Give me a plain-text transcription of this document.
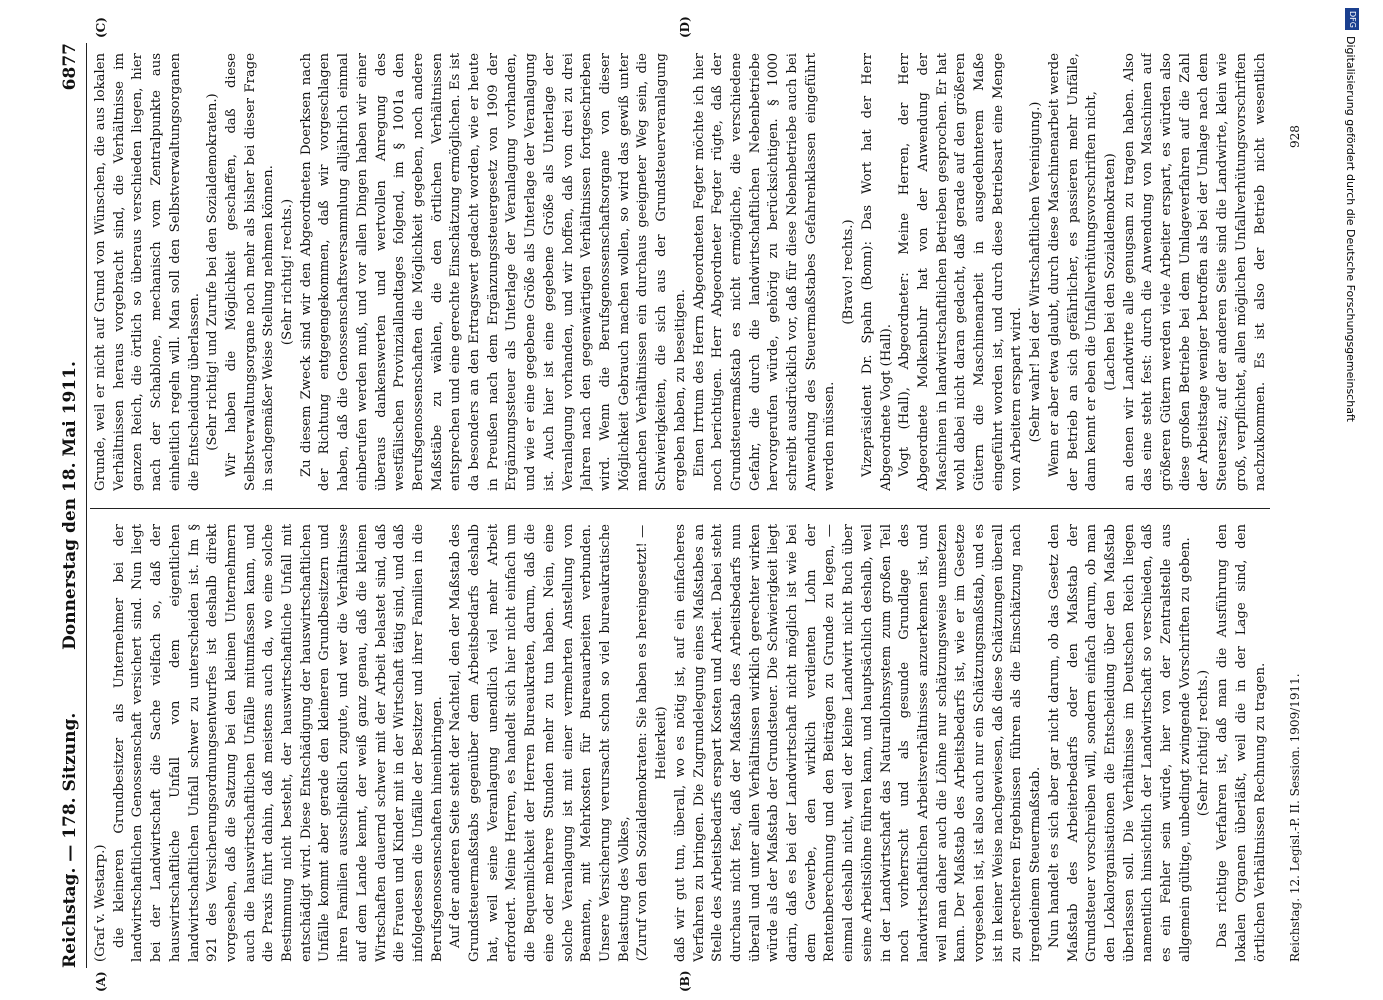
Reichstag. — 178. Sitzung.
Donnerstag den 18. Mai 1911.
6877
(A)	(B)
(C)	(D)

(Graf v. Westarp.) die kleineren Grundbesitzer als Unternehmer bei der landwirtschaftlichen Genossenschaft versichert sind. Nun liegt bei der Landwirtschaft die Sache vielfach so, daß der hauswirtschaftliche Unfall von dem eigentlichen landwirtschaftlichen Unfall schwer zu unterscheiden ist. Im § 921 des Versicherungsordnungsentwurfes ist deshalb direkt vorgesehen, daß die Satzung bei den kleinen Unternehmern auch die hauswirtschaftlichen Unfälle mitumfassen kann, und die Praxis führt dahin, daß meistens auch da, wo eine solche Bestimmung nicht besteht, der hauswirtschaftliche Unfall mit entschädigt wird. Diese Entschädigung der hauswirtschaftlichen Unfälle kommt aber gerade den kleineren Grundbesitzern und ihren Familien ausschließlich zugute, und wer die Verhältnisse auf dem Lande kennt, der weiß ganz genau, daß die kleinen Wirtschaften dauernd schwer mit der Arbeit belastet sind, daß die Frauen und Kinder mit in der Wirtschaft tätig sind, und daß infolgedessen die Unfälle der Besitzer und ihrer Familien in die Berufsgenossenschaften hineinbringen. Auf der anderen Seite steht der Nachteil, den der Maßstab des Grundsteuermaßstabs gegenüber dem Arbeitsbedarfs deshalb hat, weil seine Veranlagung unendlich viel mehr Arbeit erfordert. Meine Herren, es handelt sich hier nicht einfach um die Bequemlichkeit der Herren Bureaukraten, darum, daß die eine oder mehrere Stunden mehr zu tun haben. Nein, eine solche Veranlagung ist mit einer vermehrten Anstellung von Beamten, mit Mehrkosten für Bureauarbeiten verbunden. Unsere Versicherung verursacht schon so viel bureaukratische Belastung des Volkes, (Zuruf von den Sozialdemokraten: Sie haben es hereingesetzt! — Heiterkeit) daß wir gut tun, überall, wo es nötig ist, auf ein einfacheres Verfahren zu bringen. Die Zugrundelegung eines Maßstabes an Stelle des Arbeitsbedarfs erspart Kosten und Arbeit. Dabei steht durchaus nicht fest, daß der Maßstab des Arbeitsbedarfs nun überall und unter allen Verhältnissen wirklich gerechter wirken würde als der Maßstab der Grundsteuer. Die Schwierigkeit liegt darin, daß es bei der Landwirtschaft nicht möglich ist wie bei dem Gewerbe, den wirklich verdienten Lohn der Rentenberechnung und den Beiträgen zu Grunde zu legen, — einmal deshalb nicht, weil der kleine Landwirt nicht Buch über seine Arbeitslöhne führen kann, und hauptsächlich deshalb, weil in der Landwirtschaft das Naturallohnsystem zum großen Teil noch vorherrscht und als gesunde Grundlage des landwirtschaftlichen Arbeitsverhältnisses anzuerkennen ist, und weil man daher auch die Löhne nur schätzungsweise umsetzen kann. Der Maßstab des Arbeitsbedarfs ist, wie er im Gesetze vorgesehen ist, ist also auch nur ein Schätzungsmaßstab, und es ist in keiner Weise nachgewiesen, daß diese Schätzungen überall zu gerechteren Ergebnissen führen als die Einschätzung nach irgendeinem Steuermaßstab. Nun handelt es sich aber gar nicht darum, ob das Gesetz den Maßstab des Arbeiterbedarfs oder den Maßstab der Grundsteuer vorschreiben will, sondern einfach darum, ob man den Lokalorganisationen die Entscheidung über den Maßstab überlassen soll. Die Verhältnisse im Deutschen Reich liegen namentlich hinsichtlich der Landwirtschaft so verschieden, daß es ein Fehler sein würde, hier von der Zentralstelle aus allgemein gültige, unbedingt zwingende Vorschriften zu geben. (Sehr richtig! rechts.) Das richtige Verfahren ist, daß man die Ausführung den lokalen Organen überläßt, weil die in der Lage sind, den örtlichen Verhältnissen Rechnung zu tragen.

Grunde, weil er nicht auf Grund von Wünschen, die aus lokalen Verhältnissen heraus vorgebracht sind, die Verhältnisse im ganzen Reich, die örtlich so überaus verschieden liegen, hier nach der Schablone, mechanisch vom Zentralpunkte aus einheitlich regeln will. Man soll den Selbstverwaltungsorganen die Entscheidung überlassen. (Sehr richtig! und Zurufe bei den Sozialdemokraten.) Wir haben die Möglichkeit geschaffen, daß diese Selbstverwaltungsorgane noch mehr als bisher bei dieser Frage in sachgemäßer Weise Stellung nehmen können. (Sehr richtig! rechts.) Zu diesem Zweck sind wir den Abgeordneten Doerksen nach der Richtung entgegengekommen, daß wir vorgeschlagen haben, daß die Genossenschaftsversammlung alljährlich einmal einberufen werden muß, und vor allen Dingen haben wir einer überaus dankenswerten und wertvollen Anregung des westfälischen Provinziallandtages folgend, im § 1001a den Berufsgenossenschaften die Möglichkeit gegeben, noch andere Maßstäbe zu wählen, die den örtlichen Verhältnissen entsprechen und eine gerechte Einschätzung ermöglichen. Es ist da besonders an den Ertragswert gedacht worden, wie er heute in Preußen nach dem Ergänzungssteuergesetz von 1909 der Ergänzungssteuer als Unterlage der Veranlagung vorhanden, und wie er eine gegebene Größe als Unterlage der Veranlagung ist. Auch hier ist eine gegebene Größe als Unterlage der Veranlagung vorhanden, und wir hoffen, daß von drei zu drei Jahren nach den gegenwärtigen Verhältnissen fortgeschrieben wird. Wenn die Berufsgenossenschaftsorgane von dieser Möglichkeit Gebrauch machen wollen, so wird das gewiß unter manchen Verhältnissen ein durchaus geeigneter Weg sein, die Schwierigkeiten, die sich aus der Grundsteuerveranlagung ergeben haben, zu beseitigen. Einen Irrtum des Herrn Abgeordneten Fegter möchte ich hier noch berichtigen. Herr Abgeordneter Fegter rügte, daß der Grundsteuermaßstab es nicht ermögliche, die verschiedene Gefahr, die durch die landwirtschaftlichen Nebenbetriebe hervorgerufen würde, gehörig zu berücksichtigen. § 1000 schreibt ausdrücklich vor, daß für diese Nebenbetriebe auch bei Anwendung des Steuermaßstabes Gefahrenklassen eingeführt werden müssen.

(Bravo! rechts.) Vizepräsident Dr. Spahn (Bonn): Das Wort hat der Herr Abgeordnete Vogt (Hall). Vogt (Hall), Abgeordneter: Meine Herren, der Herr Abgeordnete Molkenbuhr hat von der Anwendung der Maschinen in landwirtschaftlichen Betrieben gesprochen. Er hat wohl dabei nicht daran gedacht, daß gerade auf den größeren Gütern die Maschinenarbeit in ausgedehnterem Maße eingeführt worden ist, und durch diese Betriebsart eine Menge von Arbeitern erspart wird. (Sehr wahr! bei der Wirtschaftlichen Vereinigung.) Wenn er aber etwa glaubt, durch diese Maschinenarbeit werde der Betrieb an sich gefährlicher, es passieren mehr Unfälle, dann kennt er eben die Unfallverhütungsvorschriften nicht, (Lachen bei den Sozialdemokraten)

an denen wir Landwirte alle genugsam zu tragen haben. Also das eine steht fest: durch die Anwendung von Maschinen auf größeren Gütern werden viele Arbeiter erspart, es würden also diese großen Betriebe bei dem Umlageverfahren auf die Zahl der Arbeitstage weniger betroffen als bei der Umlage nach dem Steuersatz; auf der anderen Seite sind die Landwirte, klein wie groß, verpflichtet, allen möglichen Unfallverhütungsvorschriften nachzukommen. Es ist also der Betrieb nicht wesentlich

Reichstag. 12. Legisl.-P. II. Session. 1909/1911.
928
DFG
Digitalisierung gefördert durch die Deutsche Forschungsgemeinschaft
